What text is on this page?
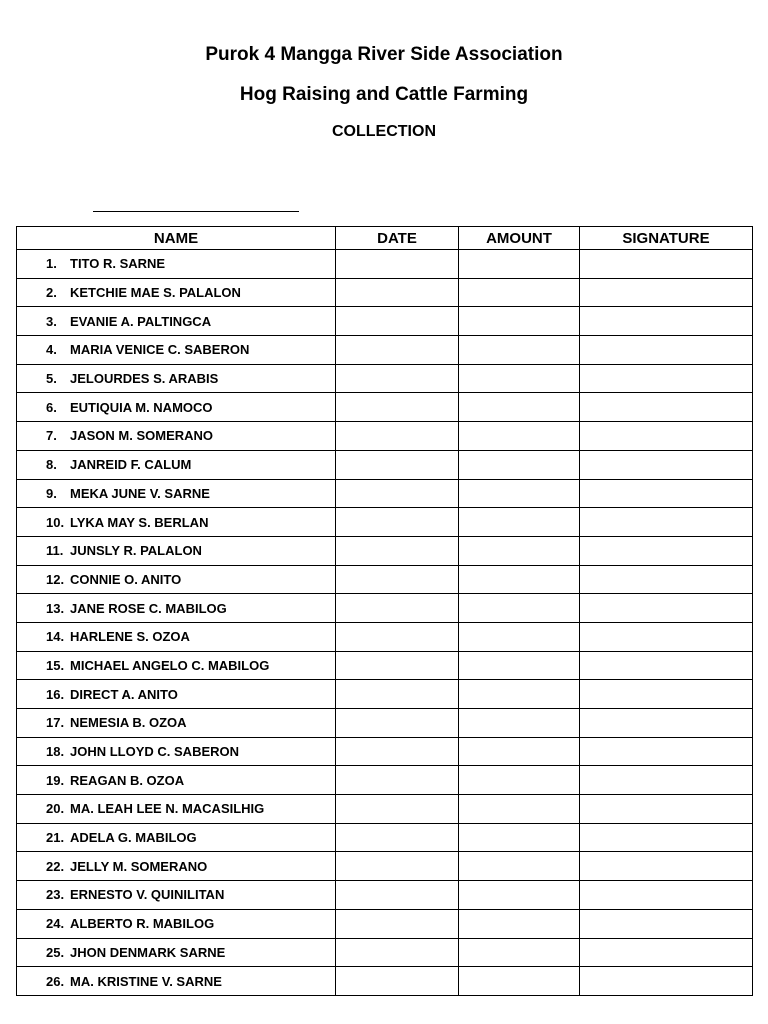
Purok 4 Mangga River Side Association
Hog Raising and Cattle Farming
COLLECTION
NAME	DATE	AMOUNT	SIGNATURE
1. TITO R. SARNE			
2. KETCHIE MAE S. PALALON			
3. EVANIE A. PALTINGCA			
4. MARIA VENICE C. SABERON			
5. JELOURDES S. ARABIS			
6. EUTIQUIA M. NAMOCO			
7. JASON M. SOMERANO			
8. JANREID F. CALUM			
9. MEKA JUNE V. SARNE			
10. LYKA MAY S. BERLAN			
11. JUNSLY R. PALALON			
12. CONNIE O. ANITO			
13. JANE ROSE C. MABILOG			
14. HARLENE S. OZOA			
15. MICHAEL ANGELO C. MABILOG			
16. DIRECT A. ANITO			
17. NEMESIA B. OZOA			
18. JOHN LLOYD C. SABERON			
19. REAGAN B. OZOA			
20. MA. LEAH LEE N. MACASILHIG			
21. ADELA G. MABILOG			
22. JELLY M. SOMERANO			
23. ERNESTO V. QUINILITAN			
24. ALBERTO R. MABILOG			
25. JHON DENMARK SARNE			
26. MA. KRISTINE V. SARNE			
